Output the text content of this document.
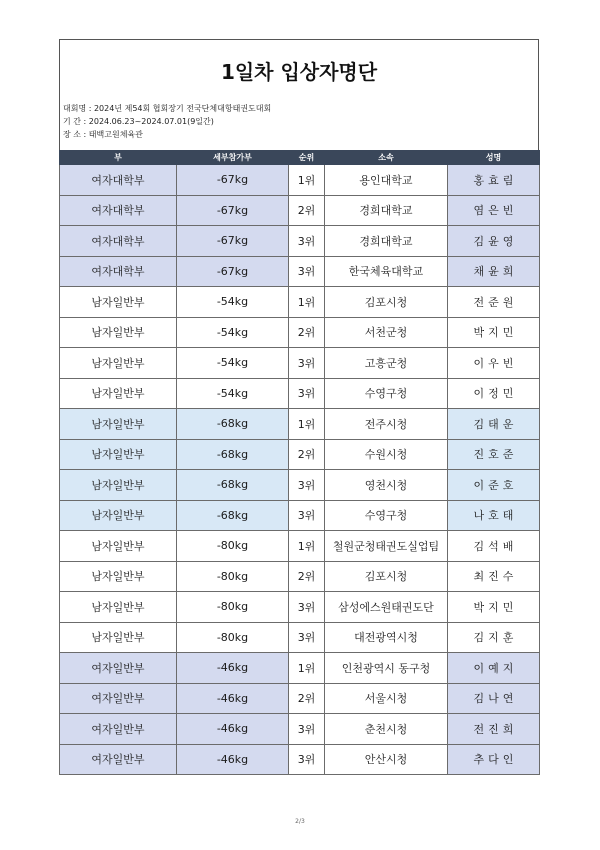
1일차 입상자명단
대회명 : 2024년 제54회 협회장기 전국단체대항태권도대회
기 간 : 2024.06.23~2024.07.01(9일간)
장 소 : 태백고원체육관
부	세부참가부	순위	소속	성명
여자대학부	-67kg	1위	용인대학교	홍효림
여자대학부	-67kg	2위	경희대학교	염은빈
여자대학부	-67kg	3위	경희대학교	김윤영
여자대학부	-67kg	3위	한국체육대학교	채윤희
남자일반부	-54kg	1위	김포시청	전준원
남자일반부	-54kg	2위	서천군청	박지민
남자일반부	-54kg	3위	고흥군청	이우빈
남자일반부	-54kg	3위	수영구청	이정민
남자일반부	-68kg	1위	전주시청	김태운
남자일반부	-68kg	2위	수원시청	진호준
남자일반부	-68kg	3위	영천시청	이준호
남자일반부	-68kg	3위	수영구청	나호태
남자일반부	-80kg	1위	철원군청태권도실업팀	김석배
남자일반부	-80kg	2위	김포시청	최진수
남자일반부	-80kg	3위	삼성에스원태권도단	박지민
남자일반부	-80kg	3위	대전광역시청	김지훈
여자일반부	-46kg	1위	인천광역시 동구청	이예지
여자일반부	-46kg	2위	서울시청	김나연
여자일반부	-46kg	3위	춘천시청	전진희
여자일반부	-46kg	3위	안산시청	추다인
2/3
